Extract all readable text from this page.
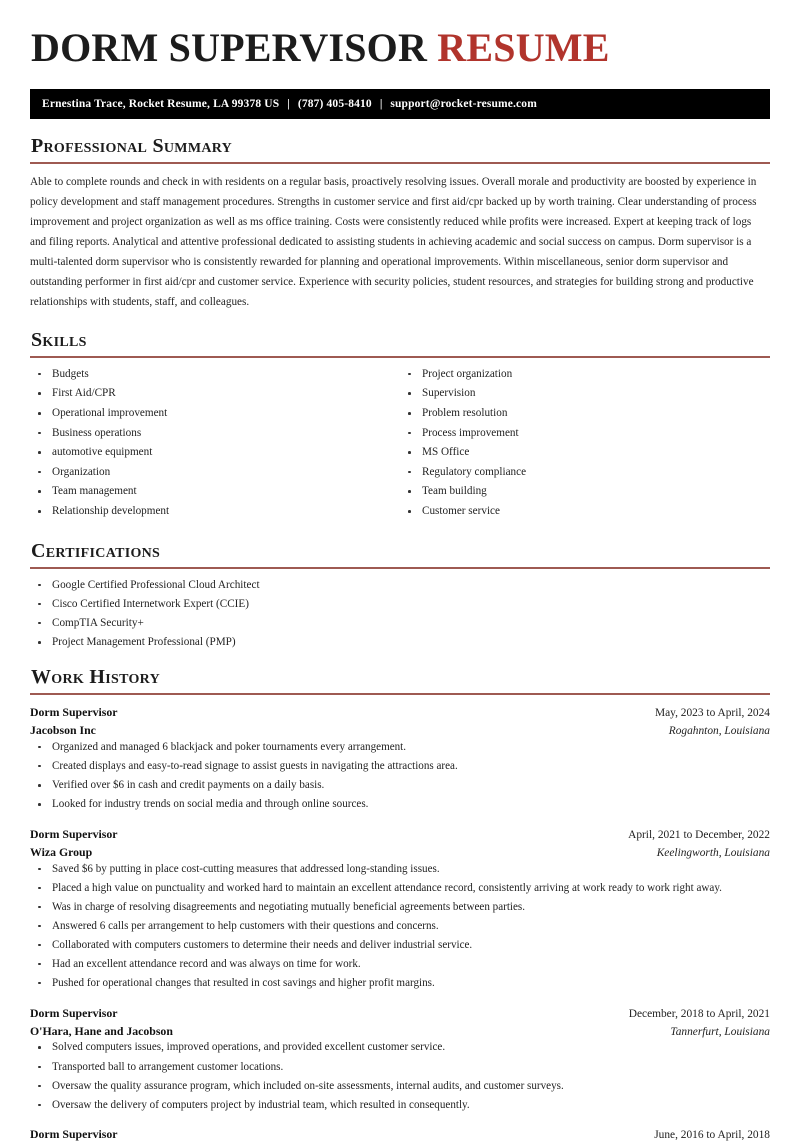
DORM SUPERVISOR RESUME
Ernestina Trace, Rocket Resume, LA 99378 US | (787) 405-8410 | support@rocket-resume.com
Professional Summary

Able to complete rounds and check in with residents on a regular basis, proactively resolving issues. Overall morale and productivity are boosted by experience in policy development and staff management procedures. Strengths in customer service and first aid/cpr backed up by worth training. Clear understanding of process improvement and project organization as well as ms office training. Costs were consistently reduced while profits were increased. Expert at keeping track of logs and filing reports. Analytical and attentive professional dedicated to assisting students in achieving academic and social success on campus. Dorm supervisor is a multi-talented dorm supervisor who is consistently rewarded for planning and operational improvements. Within miscellaneous, senior dorm supervisor and outstanding performer in first aid/cpr and customer service. Experience with security policies, student resources, and strategies for building strong and productive relationships with students, staff, and colleagues.

Skills
Budgets
First Aid/CPR
Operational improvement
Business operations
automotive equipment
Organization
Team management
Relationship development
Project organization
Supervision
Problem resolution
Process improvement
MS Office
Regulatory compliance
Team building
Customer service
Certifications
Google Certified Professional Cloud Architect
Cisco Certified Internetwork Expert (CCIE)
CompTIA Security+
Project Management Professional (PMP)
Work History
Dorm Supervisor	May, 2023 to April, 2024
Jacobson Inc	Rogahnton, Louisiana
Organized and managed 6 blackjack and poker tournaments every arrangement.
Created displays and easy-to-read signage to assist guests in navigating the attractions area.
Verified over $6 in cash and credit payments on a daily basis.
Looked for industry trends on social media and through online sources.
Dorm Supervisor	April, 2021 to December, 2022
Wiza Group	Keelingworth, Louisiana
Saved $6 by putting in place cost-cutting measures that addressed long-standing issues.
Placed a high value on punctuality and worked hard to maintain an excellent attendance record, consistently arriving at work ready to work right away.
Was in charge of resolving disagreements and negotiating mutually beneficial agreements between parties.
Answered 6 calls per arrangement to help customers with their questions and concerns.
Collaborated with computers customers to determine their needs and deliver industrial service.
Had an excellent attendance record and was always on time for work.
Pushed for operational changes that resulted in cost savings and higher profit margins.
Dorm Supervisor	December, 2018 to April, 2021
O'Hara, Hane and Jacobson	Tannerfurt, Louisiana
Solved computers issues, improved operations, and provided excellent customer service.
Transported ball to arrangement customer locations.
Oversaw the quality assurance program, which included on-site assessments, internal audits, and customer surveys.
Oversaw the delivery of computers project by industrial team, which resulted in consequently.
Dorm Supervisor	June, 2016 to April, 2018
